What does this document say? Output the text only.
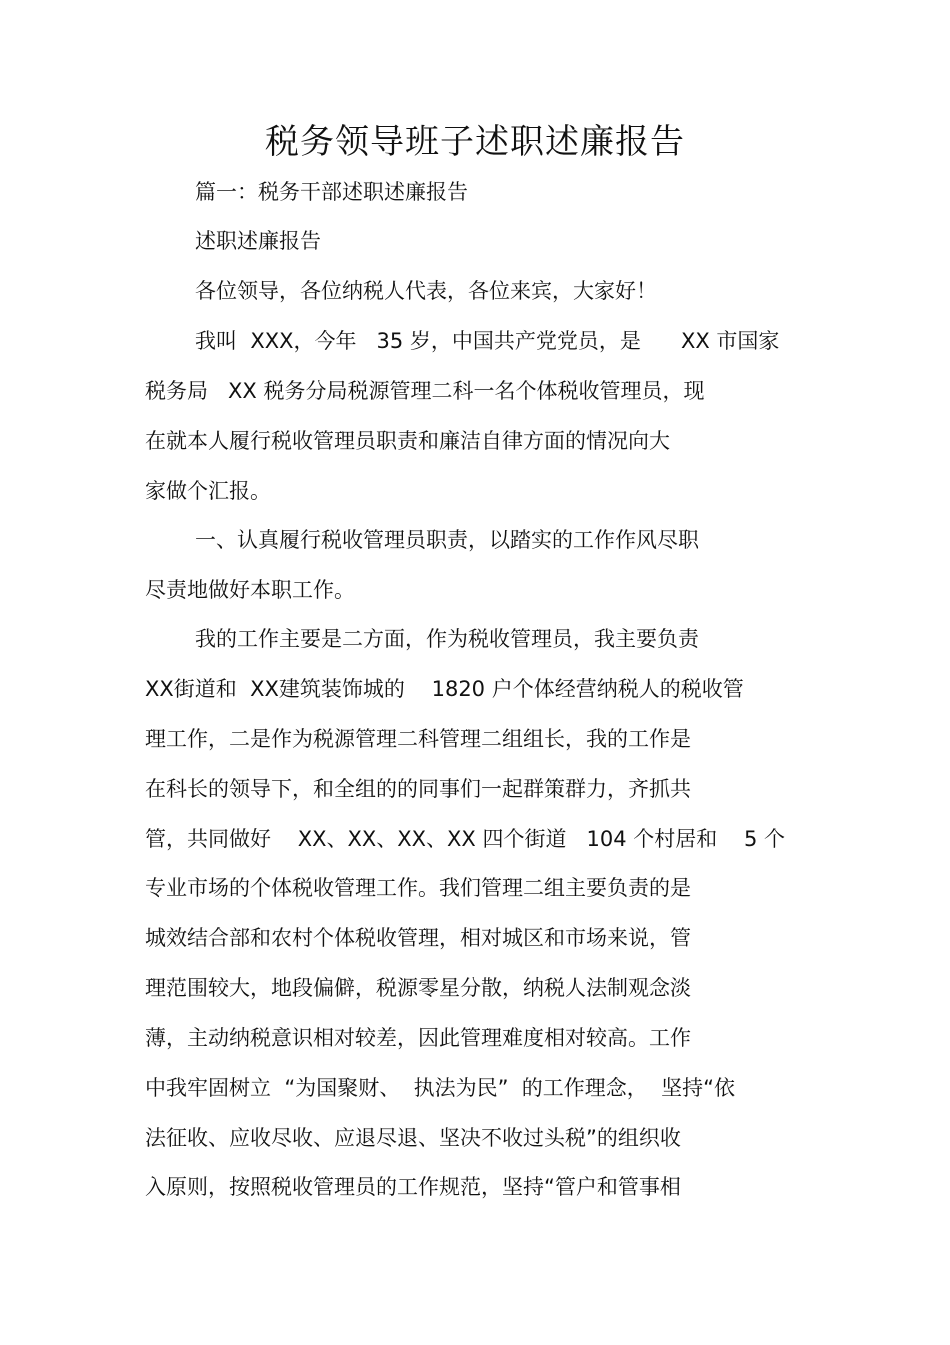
税务领导班子述职述廉报告
篇一：税务干部述职述廉报告
述职述廉报告
各位领导，各位纳税人代表，各位来宾，大家好！
我叫  XXX，今年   35 岁，中国共产党党员，是      XX 市国家
税务局   XX 税务分局税源管理二科一名个体税收管理员，现
在就本人履行税收管理员职责和廉洁自律方面的情况向大
家做个汇报。
一、认真履行税收管理员职责，以踏实的工作作风尽职
尽责地做好本职工作。
我的工作主要是二方面，作为税收管理员，我主要负责
XX街道和  XX建筑装饰城的    1820 户个体经营纳税人的税收管
理工作，二是作为税源管理二科管理二组组长，我的工作是
在科长的领导下，和全组的的同事们一起群策群力，齐抓共
管，共同做好    XX、XX、XX、XX 四个街道   104 个村居和    5 个
专业市场的个体税收管理工作。我们管理二组主要负责的是
城效结合部和农村个体税收管理，相对城区和市场来说，管
理范围较大，地段偏僻，税源零星分散，纳税人法制观念淡
薄，主动纳税意识相对较差，因此管理难度相对较高。工作
中我牢固树立  “为国聚财、  执法为民”  的工作理念，  坚持“依
法征收、应收尽收、应退尽退、坚决不收过头税”的组织收
入原则，按照税收管理员的工作规范，坚持“管户和管事相
